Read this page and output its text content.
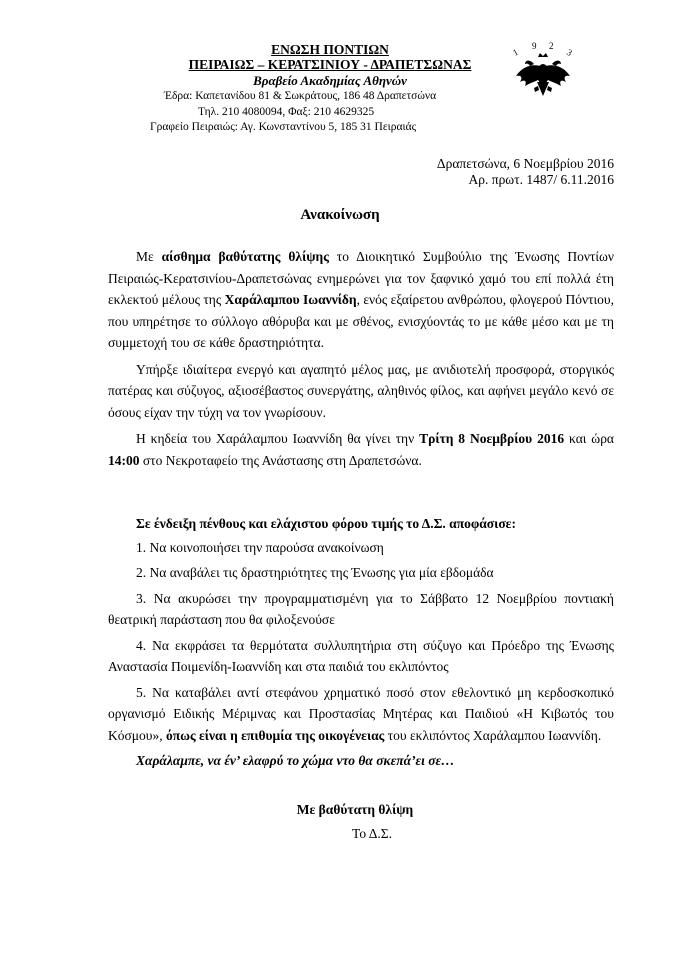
ΕΝΩΣΗ ΠΟΝΤΙΩΝ
ΠΕΙΡΑΙΩΣ – ΚΕΡΑΤΣΙΝΙΟΥ - ΔΡΑΠΕΤΣΩΝΑΣ
Βραβείο Ακαδημίας Αθηνών
Έδρα: Καπετανίδου 81 & Σωκράτους, 186 48 Δραπετσώνα
Τηλ. 210 4080094, Φαξ: 210 4629325
Γραφείο Πειραιώς: Αγ. Κωνσταντίνου 5, 185 31 Πειραιάς
1
9 2
3
Δραπετσώνα, 6 Νοεμβρίου 2016
Αρ. πρωτ. 1487/ 6.11.2016
Ανακοίνωση

Με αίσθημα βαθύτατης θλίψης το Διοικητικό Συμβούλιο της Ένωσης Ποντίων Πειραιώς-Κερατσινίου-Δραπετσώνας ενημερώνει για τον ξαφνικό χαμό του επί πολλά έτη εκλεκτού μέλους της Χαράλαμπου Ιωαννίδη, ενός εξαίρετου ανθρώπου, φλογερού Πόντιου, που υπηρέτησε το σύλλογο αθόρυβα και με σθένος, ενισχύοντάς το με κάθε μέσο και με τη συμμετοχή του σε κάθε δραστηριότητα.

Υπήρξε ιδιαίτερα ενεργό και αγαπητό μέλος μας, με ανιδιοτελή προσφορά, στοργικός πατέρας και σύζυγος, αξιοσέβαστος συνεργάτης, αληθινός φίλος, και αφήνει μεγάλο κενό σε όσους είχαν την τύχη να τον γνωρίσουν.

Η κηδεία του Χαράλαμπου Ιωαννίδη θα γίνει την Τρίτη 8 Νοεμβρίου 2016 και ώρα 14:00 στο Νεκροταφείο της Ανάστασης στη Δραπετσώνα.

Σε ένδειξη πένθους και ελάχιστου φόρου τιμής το Δ.Σ. αποφάσισε:

1. Να κοινοποιήσει την παρούσα ανακοίνωση

2. Να αναβάλει τις δραστηριότητες της Ένωσης για μία εβδομάδα

3. Να ακυρώσει την προγραμματισμένη για το Σάββατο 12 Νοεμβρίου ποντιακή θεατρική παράσταση που θα φιλοξενούσε

4. Να εκφράσει τα θερμότατα συλλυπητήρια στη σύζυγο και Πρόεδρο της Ένωσης Αναστασία Ποιμενίδη-Ιωαννίδη και στα παιδιά του εκλιπόντος

5. Να καταβάλει αντί στεφάνου χρηματικό ποσό στον εθελοντικό μη κερδοσκοπικό οργανισμό Ειδικής Μέριμνας και Προστασίας Μητέρας και Παιδιού «Η Κιβωτός του Κόσμου», όπως είναι η επιθυμία της οικογένειας του εκλιπόντος Χαράλαμπου Ιωαννίδη.

Χαράλαμπε, να έν’ ελαφρύ το χώμα ντο θα σκεπά’ει σε…

Με βαθύτατη θλίψη
Το Δ.Σ.
